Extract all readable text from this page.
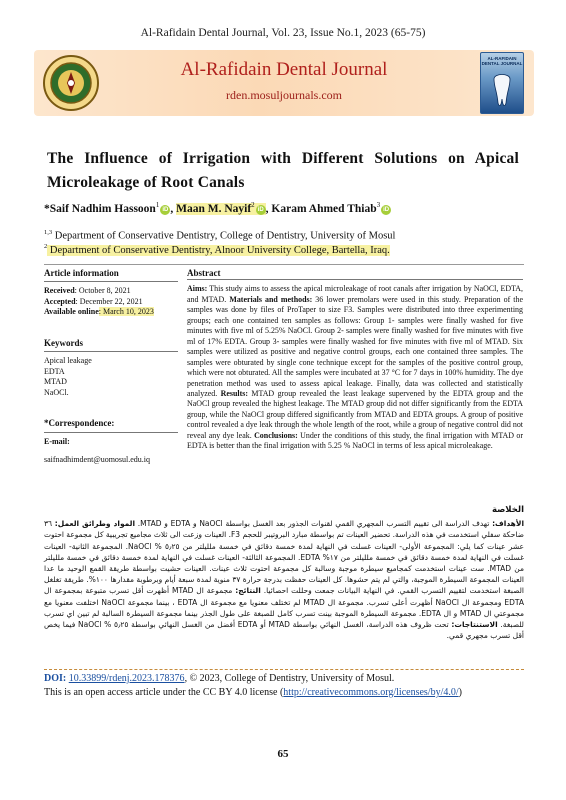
Al-Rafidain Dental Journal, Vol. 23, Issue No.1, 2023 (65-75)
Al-Rafidain Dental Journal
rden.mosuljournals.com
AL-RAFIDAIN DENTAL JOURNAL
The Influence of Irrigation with Different Solutions on Apical Microleakage of Root Canals
*Saif Nadhim Hassoon$^1$iD , Maan M. Nayif$^2$iD , Karam Ahmed Thiab$^3$iD
$^{1,3}$ Department of Conservative Dentistry, College of Dentistry, University of Mosul
$^2$ Department of Conservative Dentistry, Alnoor University College, Bartella, Iraq.
Article information
Received: October 8, 2021
Accepted: December 22, 2021
Available online: March 10, 2023
Keywords
Apical leakage
EDTA
MTAD
NaOCl.
*Correspondence:
E-mail:
saifnadhimdent@uomosul.edu.iq
Abstract
Aims: This study aims to assess the apical microleakage of root canals after irrigation by NaOCl, EDTA, and MTAD. Materials and methods: 36 lower premolars were used in this study. Preparation of the samples was done by files of ProTaper to size F3. Samples were distributed into three experimenting groups; each one contained ten samples as follows: Group 1- samples were finally washed for five minutes with five ml of 5.25% NaOCl. Group 2- samples were finally washed for five minutes with five ml of 17% EDTA. Group 3- samples were finally washed for five minutes with five ml of MTAD. Six samples were utilized as positive and negative control groups, each one contained three samples. The samples were obturated by single cone technique except for the samples of the positive control group, which were not obturated. All the samples were incubated at 37 °C for 7 days in 100% humidity. The dye penetration method was used to assess apical leakage. Finally, data was collected and statistically analyzed. Results: MTAD group revealed the least leakage supervened by the EDTA group and the NaOCl group revealed the highest leakage. The MTAD group did not differ significantly from the EDTA group, while the NaOCl group differed significantly from MTAD and EDTA groups. A group of positive control revealed a dye leak through the whole length of the root, while a group of negative control did not reveal any dye leak. Conclusions: Under the conditions of this study, the final irrigation with MTAD or EDTA is better than the final irrigation with 5.25 % NaOCl in terms of less apical microleakage.
الخلاصة
الأهداف: تهدف الدراسة الى تقييم التسرب المجهري القمي لقنوات الجذور بعد الغسل بواسطة NaOCl و EDTA و MTAD. المواد وطرائق العمل: ٣٦ ضاحكة سفلي استخدمت في هذه الدراسة. تحضير العينات تم بواسطة مبارد البروتيبر للحجم F3. العينات وزعت الى ثلاث مجاميع تجريبية كل مجموعة احتوت عشر عينات كما يلي: المجموعة الأولى- العينات غسلت في النهاية لمدة خمسة دقائق في خمسة ملليلتر من ٥٫٢٥ % NaOCl. المجموعة الثانية- العينات غسلت في النهاية لمدة خمسة دقائق في خمسة ملليلتر من ١٧% EDTA. المجموعة الثالثة- العينات غسلت في النهاية لمدة خمسة دقائق في خمسة ملليلتر من MTAD. ست عينات استخدمت كمجاميع سيطرة موجبة وسالبة كل مجموعة احتوت ثلاث عينات. العينات حشيت بواسطة طريقة القمع الوحيد ما عدا العينات المجموعة السيطرة الموجبة، والتي لم يتم حشوها. كل العينات حفظت بدرجة حرارة ٣٧ منوية لمدة سبعة أيام وبرطوبة مقدارها ١٠٠%. طريقة تغلغل الصبغة استخدمت لتقييم التسرب القمي. في النهاية البيانات جمعت وحللت احصائيا. النتائج: مجموعة ال MTAD أظهرت أقل تسرب متبوعة بمجموعة ال EDTA ومجموعة ال NaOCl أظهرت أعلى تسرب. مجموعة ال MTAD لم تختلف معنويا مع مجموعة ال EDTA ، بينما مجموعة NaOCl اختلفت معنويا مع مجموعتي ال MTAD و ال EDTA. مجموعة السيطرة الموجبة بينت تسرب كامل للصبغة على طول الجذر بينما مجموعة السيطرة السالبة لم تبين اي تسرب للصبغة. الاستنتاجات: تحت ظروف هذه الدراسة، الغسل النهائي بواسطة MTAD أو EDTA أفضل من الغسل النهائي بواسطة ٥٫٢٥ % NaOCl فيما يخص أقل تسرب مجهري قمي.
DOI: 10.33899/rdenj.2023.178376, © 2023, College of Dentistry, University of Mosul.
This is an open access article under the CC BY 4.0 license (http://creativecommons.org/licenses/by/4.0/)
65
